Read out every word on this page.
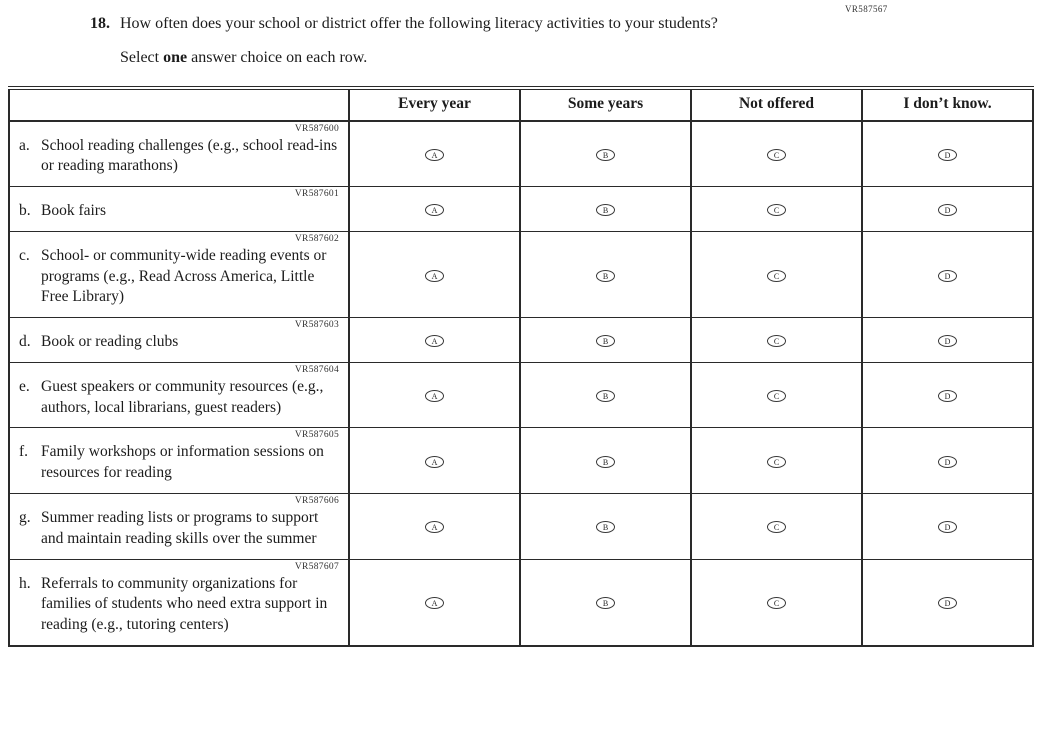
VR587567
18. How often does your school or district offer the following literacy activities to your students?
Select one answer choice on each row.
	Every year	Some years	Not offered	I don’t know.

VR587600
a. School reading challenges (e.g., school read-ins or reading marathons)	A	B	C	D

VR587601
b. Book fairs	A	B	C	D

VR587602
c. School- or community-wide reading events or programs (e.g., Read Across America, Little Free Library)	A	B	C	D

VR587603
d. Book or reading clubs	A	B	C	D

VR587604
e. Guest speakers or community resources (e.g., authors, local librarians, guest readers)	A	B	C	D

VR587605
f. Family workshops or information sessions on resources for reading	A	B	C	D

VR587606
g. Summer reading lists or programs to support and maintain reading skills over the summer	A	B	C	D

VR587607
h. Referrals to community organizations for families of students who need extra support in reading (e.g., tutoring centers)	A	B	C	D
